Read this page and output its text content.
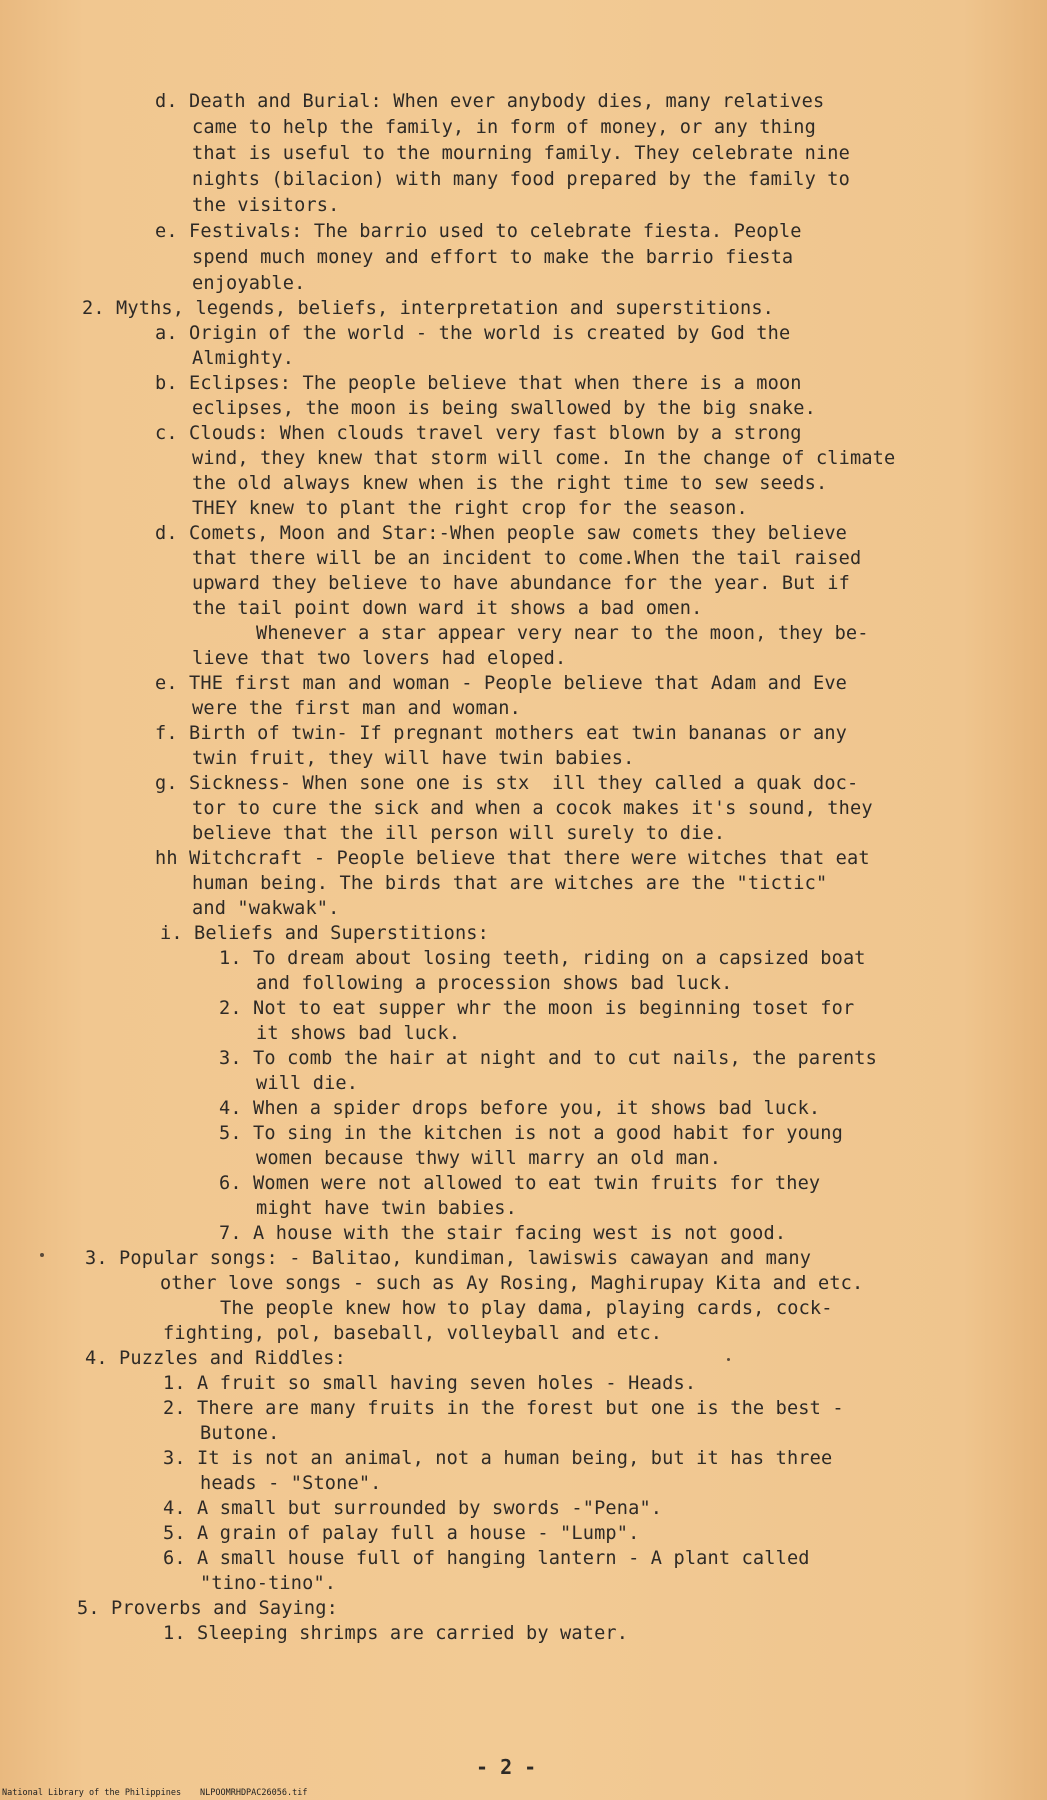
d. Death and Burial: When ever anybody dies, many relatives
came to help the family, in form of money, or any thing
that is useful to the mourning family. They celebrate nine
nights (bilacion) with many food prepared by the family to
the visitors.
e. Festivals: The barrio used to celebrate fiesta. People
spend much money and effort to make the barrio fiesta
enjoyable.
2. Myths, legends, beliefs, interpretation and superstitions.
a. Origin of the world - the world is created by God the
Almighty.
b. Eclipses: The people believe that when there is a moon
eclipses, the moon is being swallowed by the big snake.
c. Clouds: When clouds travel very fast blown by a strong
wind, they knew that storm will come. In the change of climate
the old always knew when is the right time to sew seeds.
THEY knew to plant the right crop for the season.
d. Comets, Moon and Star:-When people saw comets they believe
that there will be an incident to come.When the tail raised
upward they believe to have abundance for the year. But if
the tail point down ward it shows a bad omen.
Whenever a star appear very near to the moon, they be-
lieve that two lovers had eloped.
e. THE first man and woman - People believe that Adam and Eve
were the first man and woman.
f. Birth of twin- If pregnant mothers eat twin bananas or any
twin fruit, they will have twin babies.
g. Sickness- When sone one is stx  ill they called a quak doc-
tor to cure the sick and when a cocok makes it's sound, they
believe that the ill person will surely to die.
hh Witchcraft - People believe that there were witches that eat
human being. The birds that are witches are the "tictic"
and "wakwak".
i. Beliefs and Superstitions:
1. To dream about losing teeth, riding on a capsized boat
and following a procession shows bad luck.
2. Not to eat supper whr the moon is beginning toset for
it shows bad luck.
3. To comb the hair at night and to cut nails, the parents
will die.
4. When a spider drops before you, it shows bad luck.
5. To sing in the kitchen is not a good habit for young
women because thwy will marry an old man.
6. Women were not allowed to eat twin fruits for they
might have twin babies.
7. A house with the stair facing west is not good.
3. Popular songs: - Balitao, kundiman, lawiswis cawayan and many
other love songs - such as Ay Rosing, Maghirupay Kita and etc.
The people knew how to play dama, playing cards, cock-
fighting, pol, baseball, volleyball and etc.
4. Puzzles and Riddles:
1. A fruit so small having seven holes - Heads.
2. There are many fruits in the forest but one is the best -
Butone.
3. It is not an animal, not a human being, but it has three
heads - "Stone".
4. A small but surrounded by swords -"Pena".
5. A grain of palay full a house - "Lump".
6. A small house full of hanging lantern - A plant called
"tino-tino".
5. Proverbs and Saying:
1. Sleeping shrimps are carried by water.
- 2 -
National Library of the Philippines NLPOOMRHDPAC26056.tif
